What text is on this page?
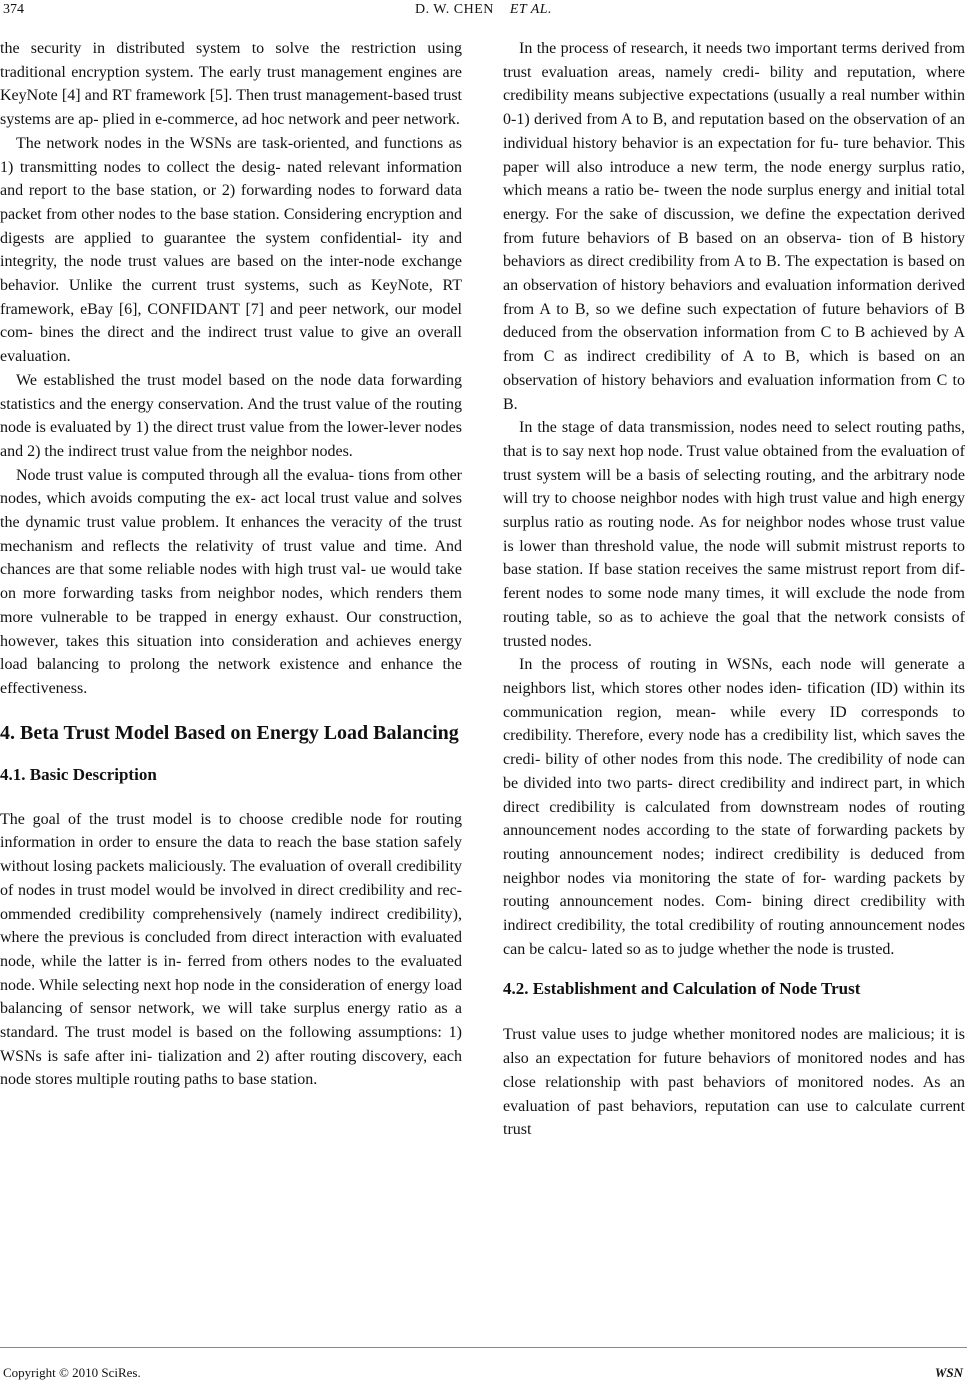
374	D. W. CHEN ET AL.

the security in distributed system to solve the restriction using traditional encryption system. The early trust management engines are KeyNote [4] and RT framework [5]. Then trust management-based trust systems are ap- plied in e-commerce, ad hoc network and peer network.

The network nodes in the WSNs are task-oriented, and functions as 1) transmitting nodes to collect the desig- nated relevant information and report to the base station, or 2) forwarding nodes to forward data packet from other nodes to the base station. Considering encryption and digests are applied to guarantee the system confidential- ity and integrity, the node trust values are based on the inter-node exchange behavior. Unlike the current trust systems, such as KeyNote, RT framework, eBay [6], CONFIDANT [7] and peer network, our model com- bines the direct and the indirect trust value to give an overall evaluation.

We established the trust model based on the node data forwarding statistics and the energy conservation. And the trust value of the routing node is evaluated by 1) the direct trust value from the lower-lever nodes and 2) the indirect trust value from the neighbor nodes.

Node trust value is computed through all the evalua- tions from other nodes, which avoids computing the ex- act local trust value and solves the dynamic trust value problem. It enhances the veracity of the trust mechanism and reflects the relativity of trust value and time. And chances are that some reliable nodes with high trust val- ue would take on more forwarding tasks from neighbor nodes, which renders them more vulnerable to be trapped in energy exhaust. Our construction, however, takes this situation into consideration and achieves energy load balancing to prolong the network existence and enhance the effectiveness.

4. Beta Trust Model Based on Energy Load Balancing
4.1. Basic Description

The goal of the trust model is to choose credible node for routing information in order to ensure the data to reach the base station safely without losing packets maliciously. The evaluation of overall credibility of nodes in trust model would be involved in direct credibility and rec- ommended credibility comprehensively (namely indirect credibility), where the previous is concluded from direct interaction with evaluated node, while the latter is in- ferred from others nodes to the evaluated node. While selecting next hop node in the consideration of energy load balancing of sensor network, we will take surplus energy ratio as a standard. The trust model is based on the following assumptions: 1) WSNs is safe after ini- tialization and 2) after routing discovery, each node stores multiple routing paths to base station.

In the process of research, it needs two important terms derived from trust evaluation areas, namely credi- bility and reputation, where credibility means subjective expectations (usually a real number within 0-1) derived from A to B, and reputation based on the observation of an individual history behavior is an expectation for fu- ture behavior. This paper will also introduce a new term, the node energy surplus ratio, which means a ratio be- tween the node surplus energy and initial total energy. For the sake of discussion, we define the expectation derived from future behaviors of B based on an observa- tion of B history behaviors as direct credibility from A to B. The expectation is based on an observation of history behaviors and evaluation information derived from A to B, so we define such expectation of future behaviors of B deduced from the observation information from C to B achieved by A from C as indirect credibility of A to B, which is based on an observation of history behaviors and evaluation information from C to B.

In the stage of data transmission, nodes need to select routing paths, that is to say next hop node. Trust value obtained from the evaluation of trust system will be a basis of selecting routing, and the arbitrary node will try to choose neighbor nodes with high trust value and high energy surplus ratio as routing node. As for neighbor nodes whose trust value is lower than threshold value, the node will submit mistrust reports to base station. If base station receives the same mistrust report from dif- ferent nodes to some node many times, it will exclude the node from routing table, so as to achieve the goal that the network consists of trusted nodes.

In the process of routing in WSNs, each node will generate a neighbors list, which stores other nodes iden- tification (ID) within its communication region, mean- while every ID corresponds to credibility. Therefore, every node has a credibility list, which saves the credi- bility of other nodes from this node. The credibility of node can be divided into two parts- direct credibility and indirect part, in which direct credibility is calculated from downstream nodes of routing announcement nodes according to the state of forwarding packets by routing announcement nodes; indirect credibility is deduced from neighbor nodes via monitoring the state of for- warding packets by routing announcement nodes. Com- bining direct credibility with indirect credibility, the total credibility of routing announcement nodes can be calcu- lated so as to judge whether the node is trusted.

4.2. Establishment and Calculation of Node Trust

Trust value uses to judge whether monitored nodes are malicious; it is also an expectation for future behaviors of monitored nodes and has close relationship with past behaviors of monitored nodes. As an evaluation of past behaviors, reputation can use to calculate current trust

Copyright © 2010 SciRes.	WSN
